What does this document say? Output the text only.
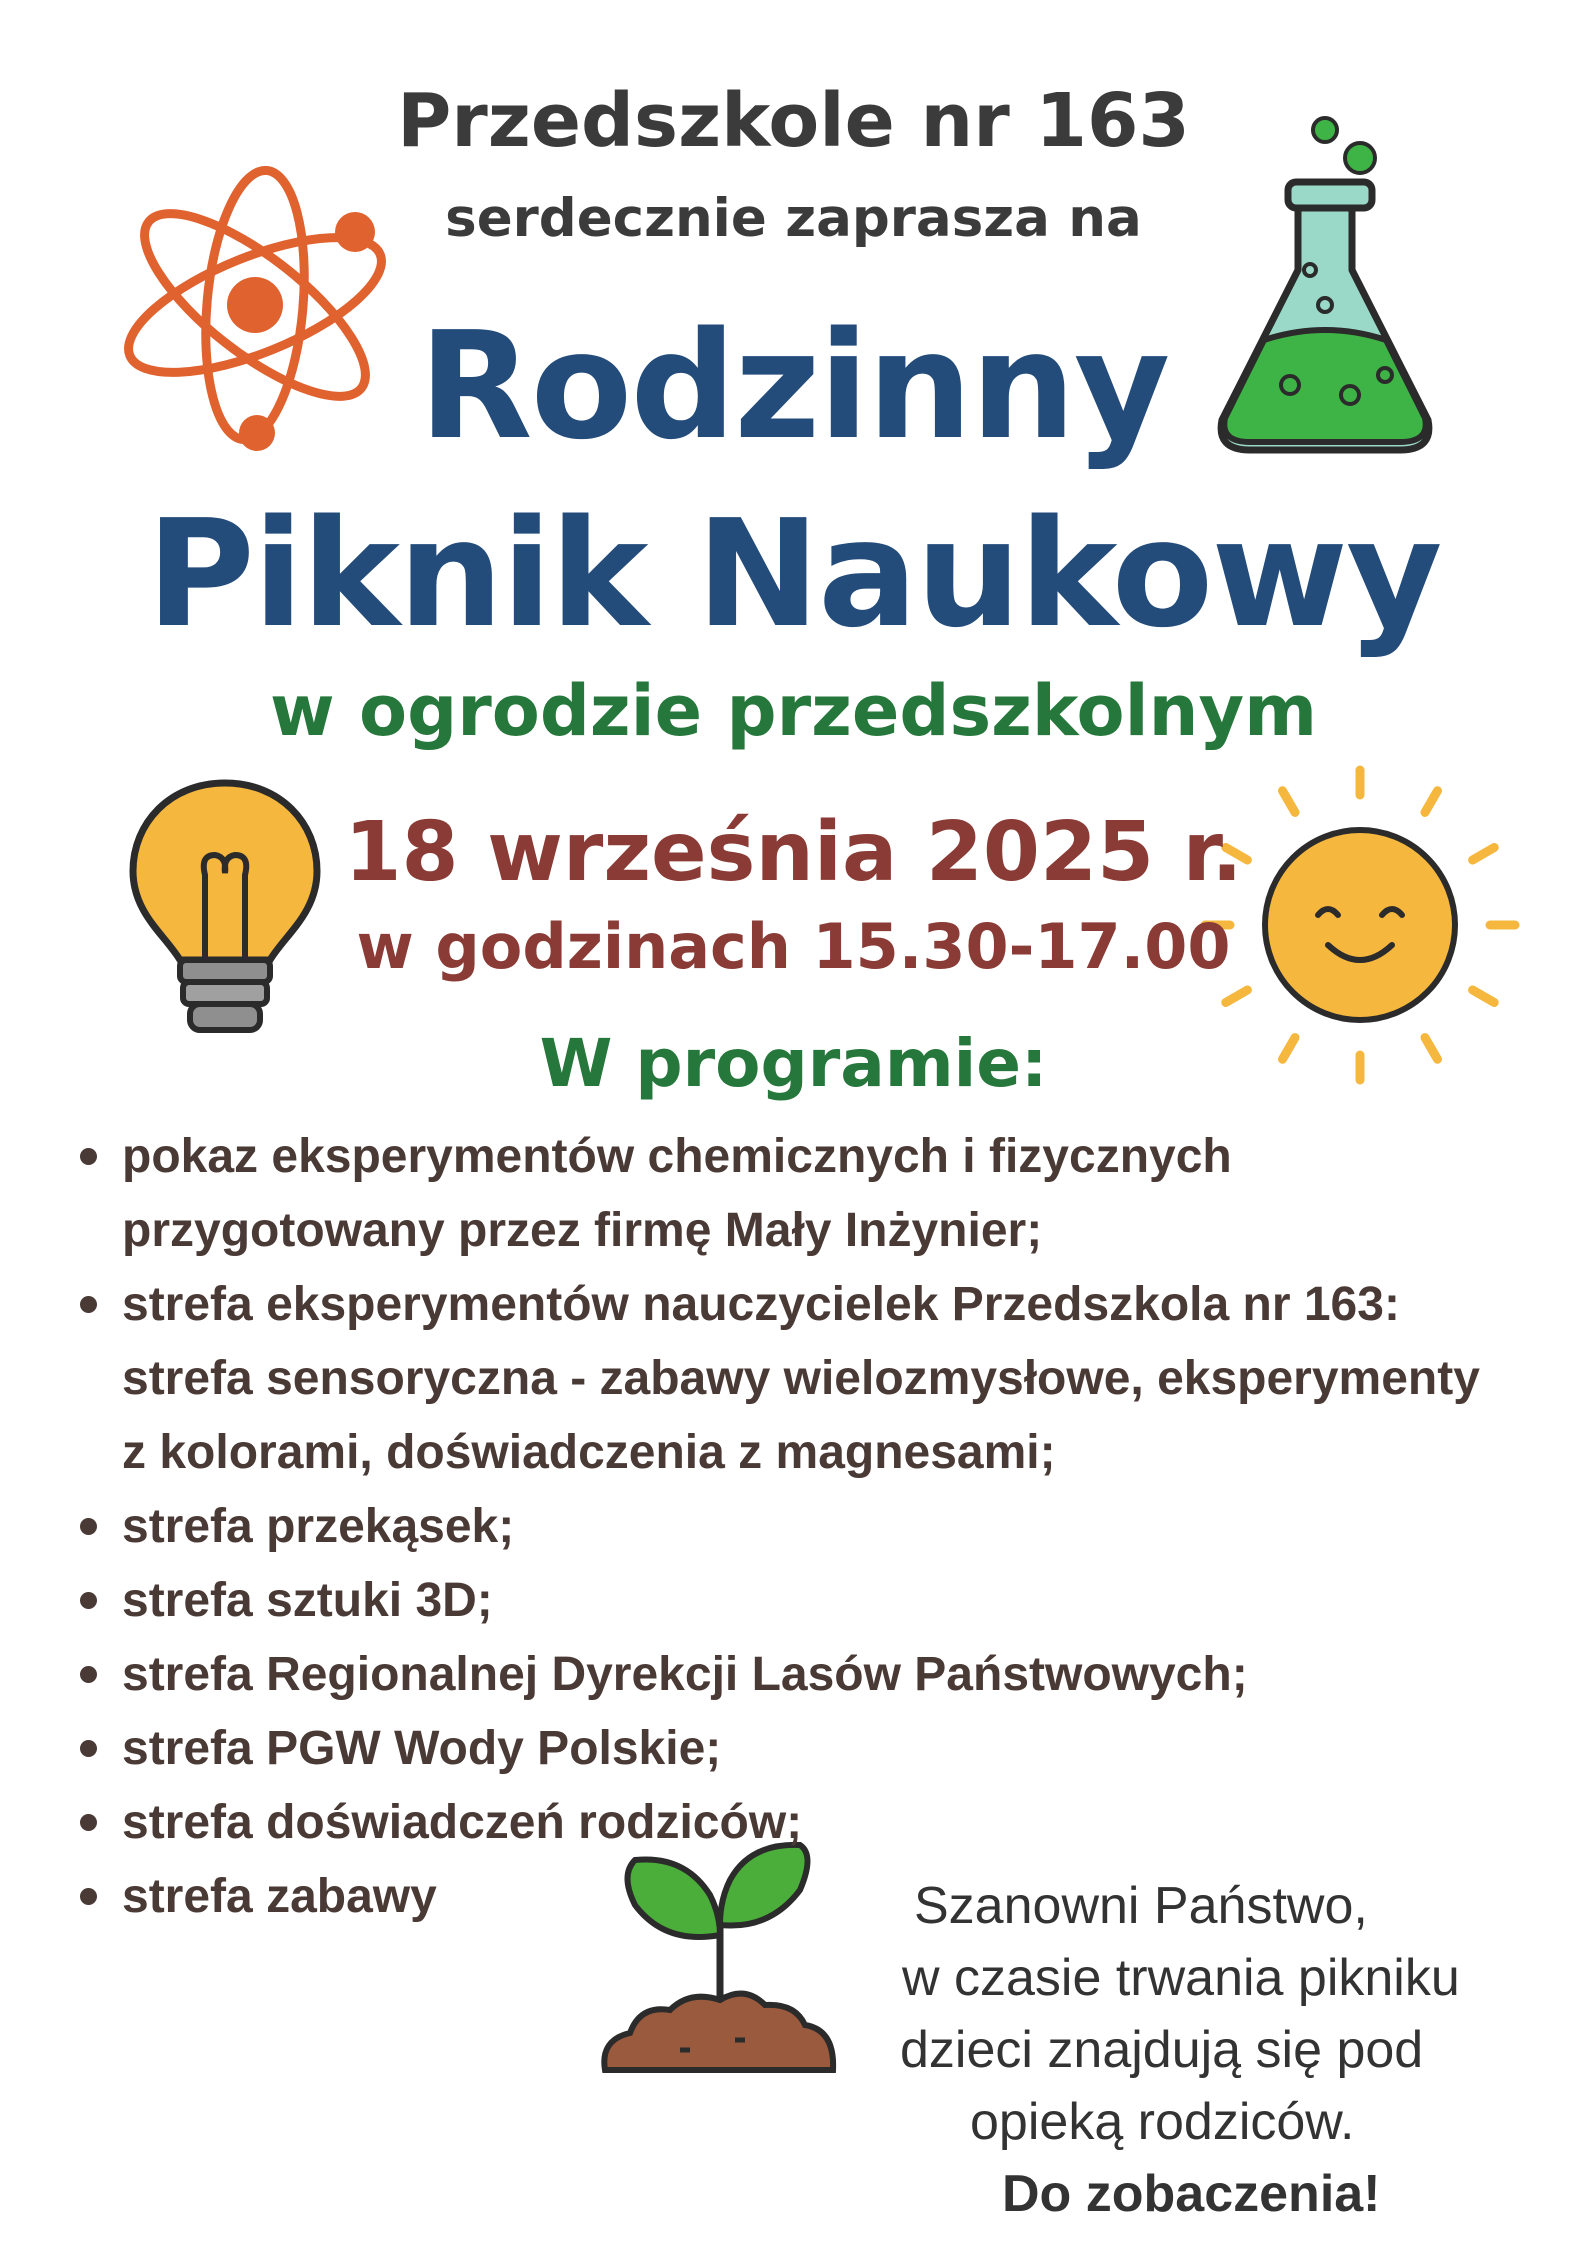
Przedszkole nr 163
serdecznie zaprasza na
Rodzinny
Piknik Naukowy
w ogrodzie przedszkolnym
18 września 2025 r.
w godzinach 15.30-17.00
W programie:
pokaz eksperymentów chemicznych i fizycznych
przygotowany przez firmę Mały Inżynier;
strefa eksperymentów nauczycielek Przedszkola nr 163:
strefa sensoryczna - zabawy wielozmysłowe, eksperymenty
z kolorami, doświadczenia z magnesami;
strefa przekąsek;
strefa sztuki 3D;
strefa Regionalnej Dyrekcji Lasów Państwowych;
strefa PGW Wody Polskie;
strefa doświadczeń rodziców;
strefa zabawy	Szanowni Państwo,
w czasie trwania pikniku
dzieci znajdują się pod
opieką rodziców.
Do zobaczenia!
